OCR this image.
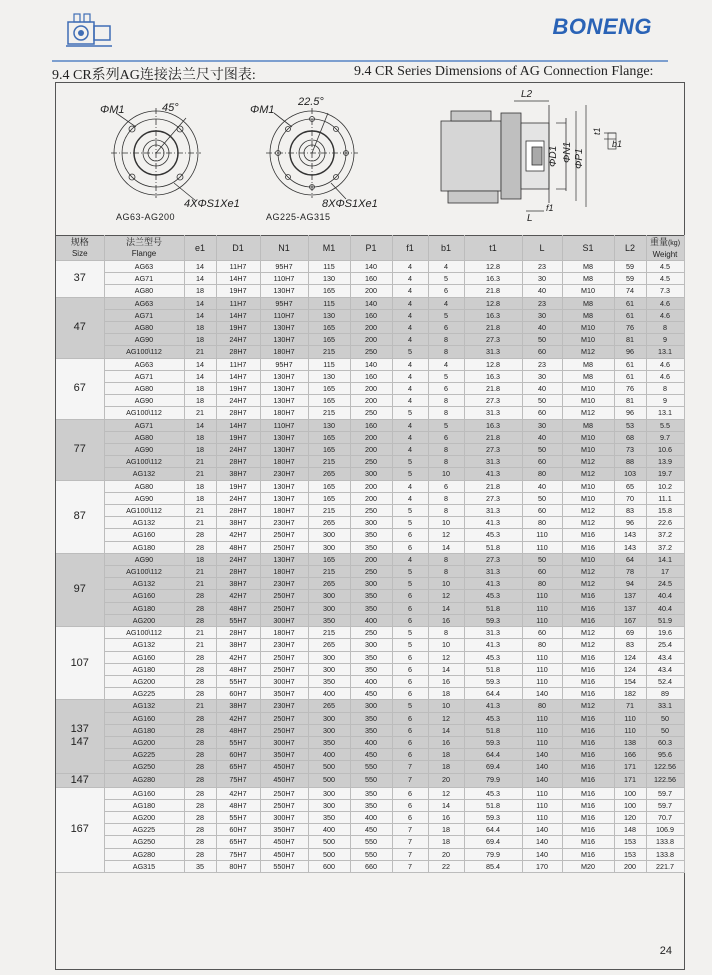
BONENG
9.4 CR系列AG连接法兰尺寸图表:	9.4 CR Series Dimensions of AG Connection Flange:
ΦM1	45°
4XΦS1Xe1
AG63-AG200
ΦM1
22.5°
8XΦS1Xe1
AG225-AG315
L2
ΦD1 ΦN1 ΦP1
t1
b1
L
f1
规格
Size	法兰型号
Flange	e1	D1	N1	M1	P1	f1	b1	t1	L	S1	L2	重量(kg)
Weight

37	AG63	14	11H7	95H7	115	140	4	4	12.8	23	M8	59	4.5
	AG71	14	14H7	110H7	130	160	4	5	16.3	30	M8	59	4.5
	AG80	18	19H7	130H7	165	200	4	6	21.8	40	M10	74	7.3
47	AG63	14	11H7	95H7	115	140	4	4	12.8	23	M8	61	4.6
	AG71	14	14H7	110H7	130	160	4	5	16.3	30	M8	61	4.6
	AG80	18	19H7	130H7	165	200	4	6	21.8	40	M10	76	8
	AG90	18	24H7	130H7	165	200	4	8	27.3	50	M10	81	9
	AG100\112	21	28H7	180H7	215	250	5	8	31.3	60	M12	96	13.1
67	AG63	14	11H7	95H7	115	140	4	4	12.8	23	M8	61	4.6
	AG71	14	14H7	130H7	130	160	4	5	16.3	30	M8	61	4.6
	AG80	18	19H7	130H7	165	200	4	6	21.8	40	M10	76	8
	AG90	18	24H7	130H7	165	200	4	8	27.3	50	M10	81	9
	AG100\112	21	28H7	180H7	215	250	5	8	31.3	60	M12	96	13.1
77	AG71	14	14H7	110H7	130	160	4	5	16.3	30	M8	53	5.5
	AG80	18	19H7	130H7	165	200	4	6	21.8	40	M10	68	9.7
	AG90	18	24H7	130H7	165	200	4	8	27.3	50	M10	73	10.6
	AG100\112	21	28H7	180H7	215	250	5	8	31.3	60	M12	88	13.9
	AG132	21	38H7	230H7	265	300	5	10	41.3	80	M12	103	19.7
87	AG80	18	19H7	130H7	165	200	4	6	21.8	40	M10	65	10.2
	AG90	18	24H7	130H7	165	200	4	8	27.3	50	M10	70	11.1
	AG100\112	21	28H7	180H7	215	250	5	8	31.3	60	M12	83	15.8
	AG132	21	38H7	230H7	265	300	5	10	41.3	80	M12	96	22.6
	AG160	28	42H7	250H7	300	350	6	12	45.3	110	M16	143	37.2
	AG180	28	48H7	250H7	300	350	6	14	51.8	110	M16	143	37.2
97	AG90	18	24H7	130H7	165	200	4	8	27.3	50	M10	64	14.1
	AG100\112	21	28H7	180H7	215	250	5	8	31.3	60	M12	78	17
	AG132	21	38H7	230H7	265	300	5	10	41.3	80	M12	94	24.5
	AG160	28	42H7	250H7	300	350	6	12	45.3	110	M16	137	40.4
	AG180	28	48H7	250H7	300	350	6	14	51.8	110	M16	137	40.4
	AG200	28	55H7	300H7	350	400	6	16	59.3	110	M16	167	51.9
107	AG100\112	21	28H7	180H7	215	250	5	8	31.3	60	M12	69	19.6
	AG132	21	38H7	230H7	265	300	5	10	41.3	80	M12	83	25.4
	AG160	28	42H7	250H7	300	350	6	12	45.3	110	M16	124	43.4
	AG180	28	48H7	250H7	300	350	6	14	51.8	110	M16	124	43.4
	AG200	28	55H7	300H7	350	400	6	16	59.3	110	M16	154	52.4
	AG225	28	60H7	350H7	400	450	6	18	64.4	140	M16	182	89
137
147	AG132	21	38H7	230H7	265	300	5	10	41.3	80	M12	71	33.1
	AG160	28	42H7	250H7	300	350	6	12	45.3	110	M16	110	50
	AG180	28	48H7	250H7	300	350	6	14	51.8	110	M16	110	50
	AG200	28	55H7	300H7	350	400	6	16	59.3	110	M16	138	60.3
	AG225	28	60H7	350H7	400	450	6	18	64.4	140	M16	166	95.6
	AG250	28	65H7	450H7	500	550	7	18	69.4	140	M16	171	122.56
147	AG280	28	75H7	450H7	500	550	7	20	79.9	140	M16	171	122.56
167	AG160	28	42H7	250H7	300	350	6	12	45.3	110	M16	100	59.7
	AG180	28	48H7	250H7	300	350	6	14	51.8	110	M16	100	59.7
	AG200	28	55H7	300H7	350	400	6	16	59.3	110	M16	120	70.7
	AG225	28	60H7	350H7	400	450	7	18	64.4	140	M16	148	106.9
	AG250	28	65H7	450H7	500	550	7	18	69.4	140	M16	153	133.8
	AG280	28	75H7	450H7	500	550	7	20	79.9	140	M16	153	133.8
	AG315	35	80H7	550H7	600	660	7	22	85.4	170	M20	200	221.7
24
